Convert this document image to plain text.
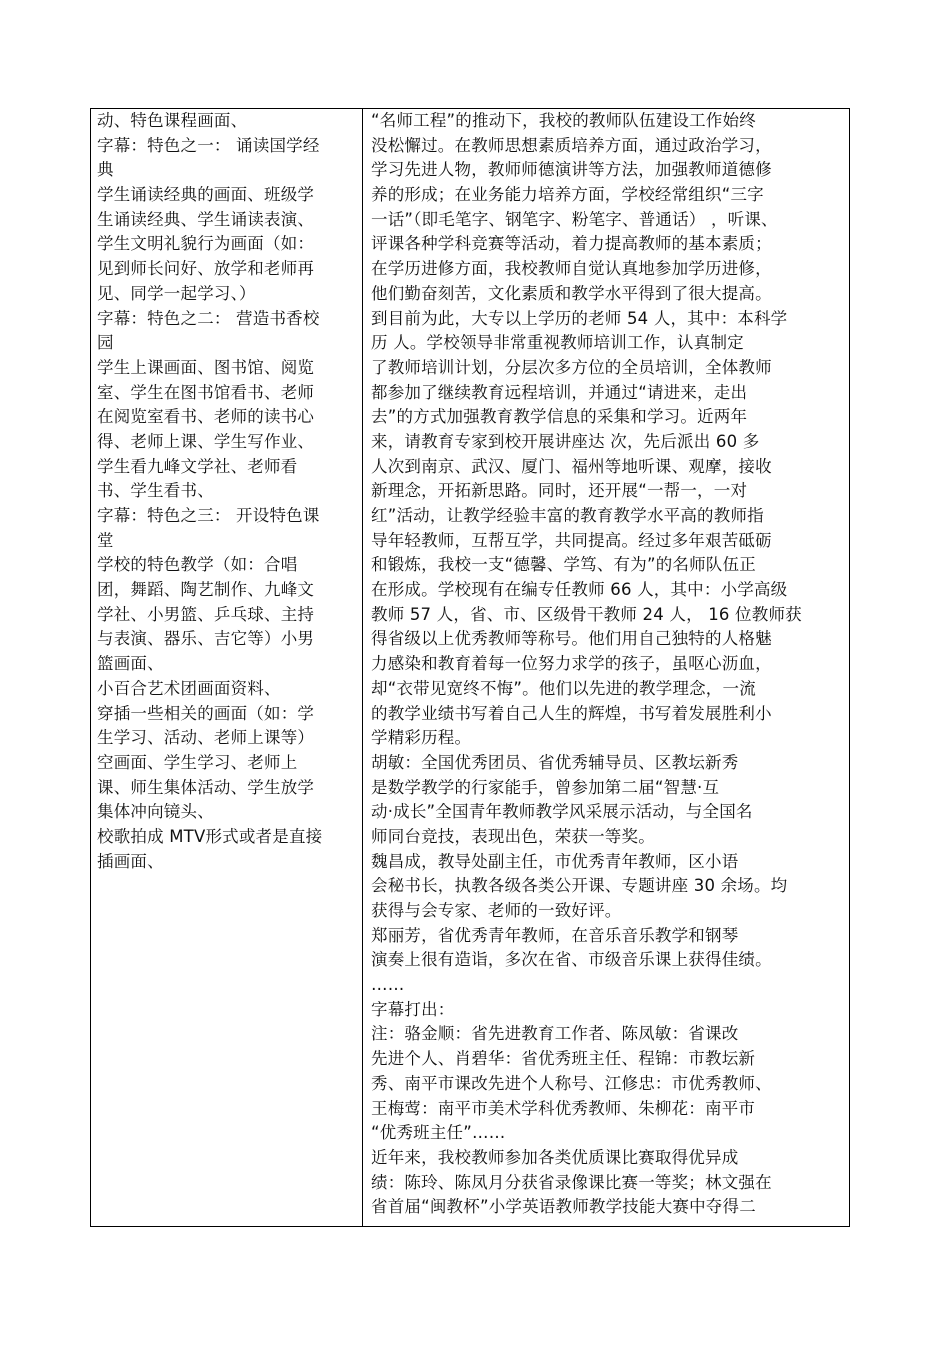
动、特色课程画面、
字幕：特色之一： 诵读国学经
典
学生诵读经典的画面、班级学
生诵读经典、学生诵读表演、
学生文明礼貌行为画面（如：
见到师长问好、放学和老师再
见、同学一起学习、）
字幕：特色之二： 营造书香校
园
学生上课画面、图书馆、阅览
室、学生在图书馆看书、老师
在阅览室看书、老师的读书心
得、老师上课、学生写作业、
学生看九峰文学社、老师看
书、学生看书、
字幕：特色之三： 开设特色课
堂
学校的特色教学（如：合唱
团，舞蹈、陶艺制作、九峰文
学社、小男篮、乒乓球、主持
与表演、器乐、吉它等）小男
篮画面、
小百合艺术团画面资料、
穿插一些相关的画面（如：学
生学习、活动、老师上课等）
空画面、学生学习、老师上
课、师生集体活动、学生放学
集体冲向镜头、
校歌拍成 MTV形式或者是直接
插画面、
“名师工程”的推动下，我校的教师队伍建设工作始终
没松懈过。在教师思想素质培养方面，通过政治学习，
学习先进人物，教师师德演讲等方法，加强教师道德修
养的形成；在业务能力培养方面，学校经常组织“三字
一话”（即毛笔字、钢笔字、粉笔字、普通话） ，听课、
评课各种学科竞赛等活动，着力提高教师的基本素质；
在学历进修方面，我校教师自觉认真地参加学历进修，
他们勤奋刻苦，文化素质和教学水平得到了很大提高。
到目前为此，大专以上学历的老师 54 人，其中：本科学
历 人。学校领导非常重视教师培训工作，认真制定
了教师培训计划，分层次多方位的全员培训，全体教师
都参加了继续教育远程培训，并通过“请进来，走出
去”的方式加强教育教学信息的采集和学习。近两年
来，请教育专家到校开展讲座达 次，先后派出 60 多
人次到南京、武汉、厦门、福州等地听课、观摩，接收
新理念，开拓新思路。同时，还开展“一帮一，一对
红”活动，让教学经验丰富的教育教学水平高的教师指
导年轻教师，互帮互学，共同提高。经过多年艰苦砥砺
和锻炼，我校一支“德馨、学笃、有为”的名师队伍正
在形成。学校现有在编专任教师 66 人，其中：小学高级
教师 57 人，省、市、区级骨干教师 24 人， 16 位教师获
得省级以上优秀教师等称号。他们用自己独特的人格魅
力感染和教育着每一位努力求学的孩子，虽呕心沥血，
却“衣带见宽终不悔”。他们以先进的教学理念，一流
的教学业绩书写着自己人生的辉煌，书写着发展胜利小
学精彩历程。
胡敏：全国优秀团员、省优秀辅导员、区教坛新秀
是数学教学的行家能手，曾参加第二届“智慧·互
动·成长”全国青年教师教学风采展示活动，与全国名
师同台竞技，表现出色，荣获一等奖。
魏昌成，教导处副主任，市优秀青年教师，区小语
会秘书长，执教各级各类公开课、专题讲座 30 余场。均
获得与会专家、老师的一致好评。
郑丽芳，省优秀青年教师，在音乐音乐教学和钢琴
演奏上很有造诣，多次在省、市级音乐课上获得佳绩。
……
字幕打出：
注：骆金顺：省先进教育工作者、陈凤敏：省课改
先进个人、肖碧华：省优秀班主任、程锦：市教坛新
秀、南平市课改先进个人称号、江修忠：市优秀教师、
王梅莺：南平市美术学科优秀教师、朱柳花：南平市
“优秀班主任”……
近年来，我校教师参加各类优质课比赛取得优异成
绩：陈玲、陈凤月分获省录像课比赛一等奖；林文强在
省首届“闽教杯”小学英语教师教学技能大赛中夺得二
